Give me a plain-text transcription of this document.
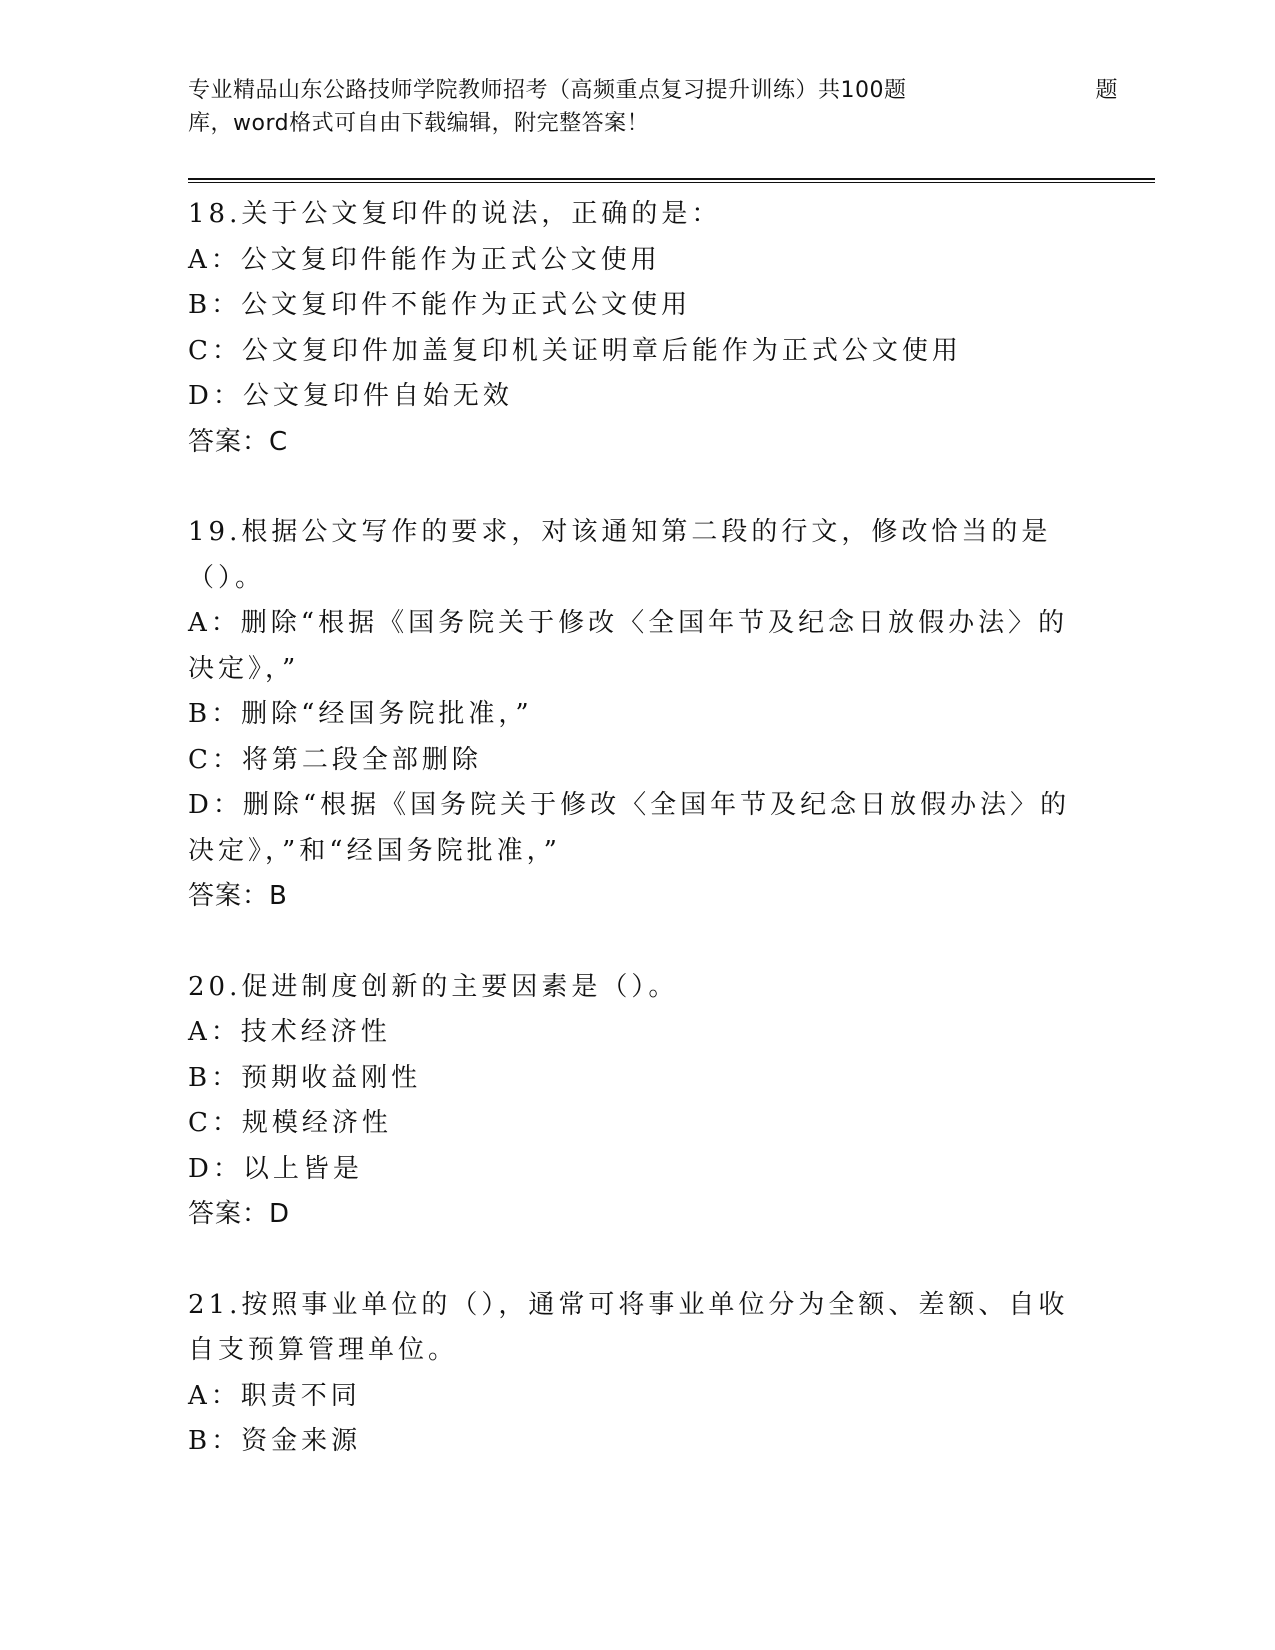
专业精品山东公路技师学院教师招考（高频重点复习提升训练）共100题	题
库，word格式可自由下载编辑，附完整答案！

18.关于公文复印件的说法，正确的是：

A：公文复印件能作为正式公文使用

B：公文复印件不能作为正式公文使用

C：公文复印件加盖复印机关证明章后能作为正式公文使用

D：公文复印件自始无效

答案：C

19.根据公文写作的要求，对该通知第二段的行文，修改恰当的是（）。

A：删除“根据《国务院关于修改〈全国年节及纪念日放假办法〉的决定》，”

B：删除“经国务院批准，”

C：将第二段全部删除

D：删除“根据《国务院关于修改〈全国年节及纪念日放假办法〉的决定》，”和“经国务院批准，”

答案：B

20.促进制度创新的主要因素是（）。

A：技术经济性

B：预期收益刚性

C：规模经济性

D：以上皆是

答案：D

21.按照事业单位的（），通常可将事业单位分为全额、差额、自收自支预算管理单位。

A：职责不同

B：资金来源
